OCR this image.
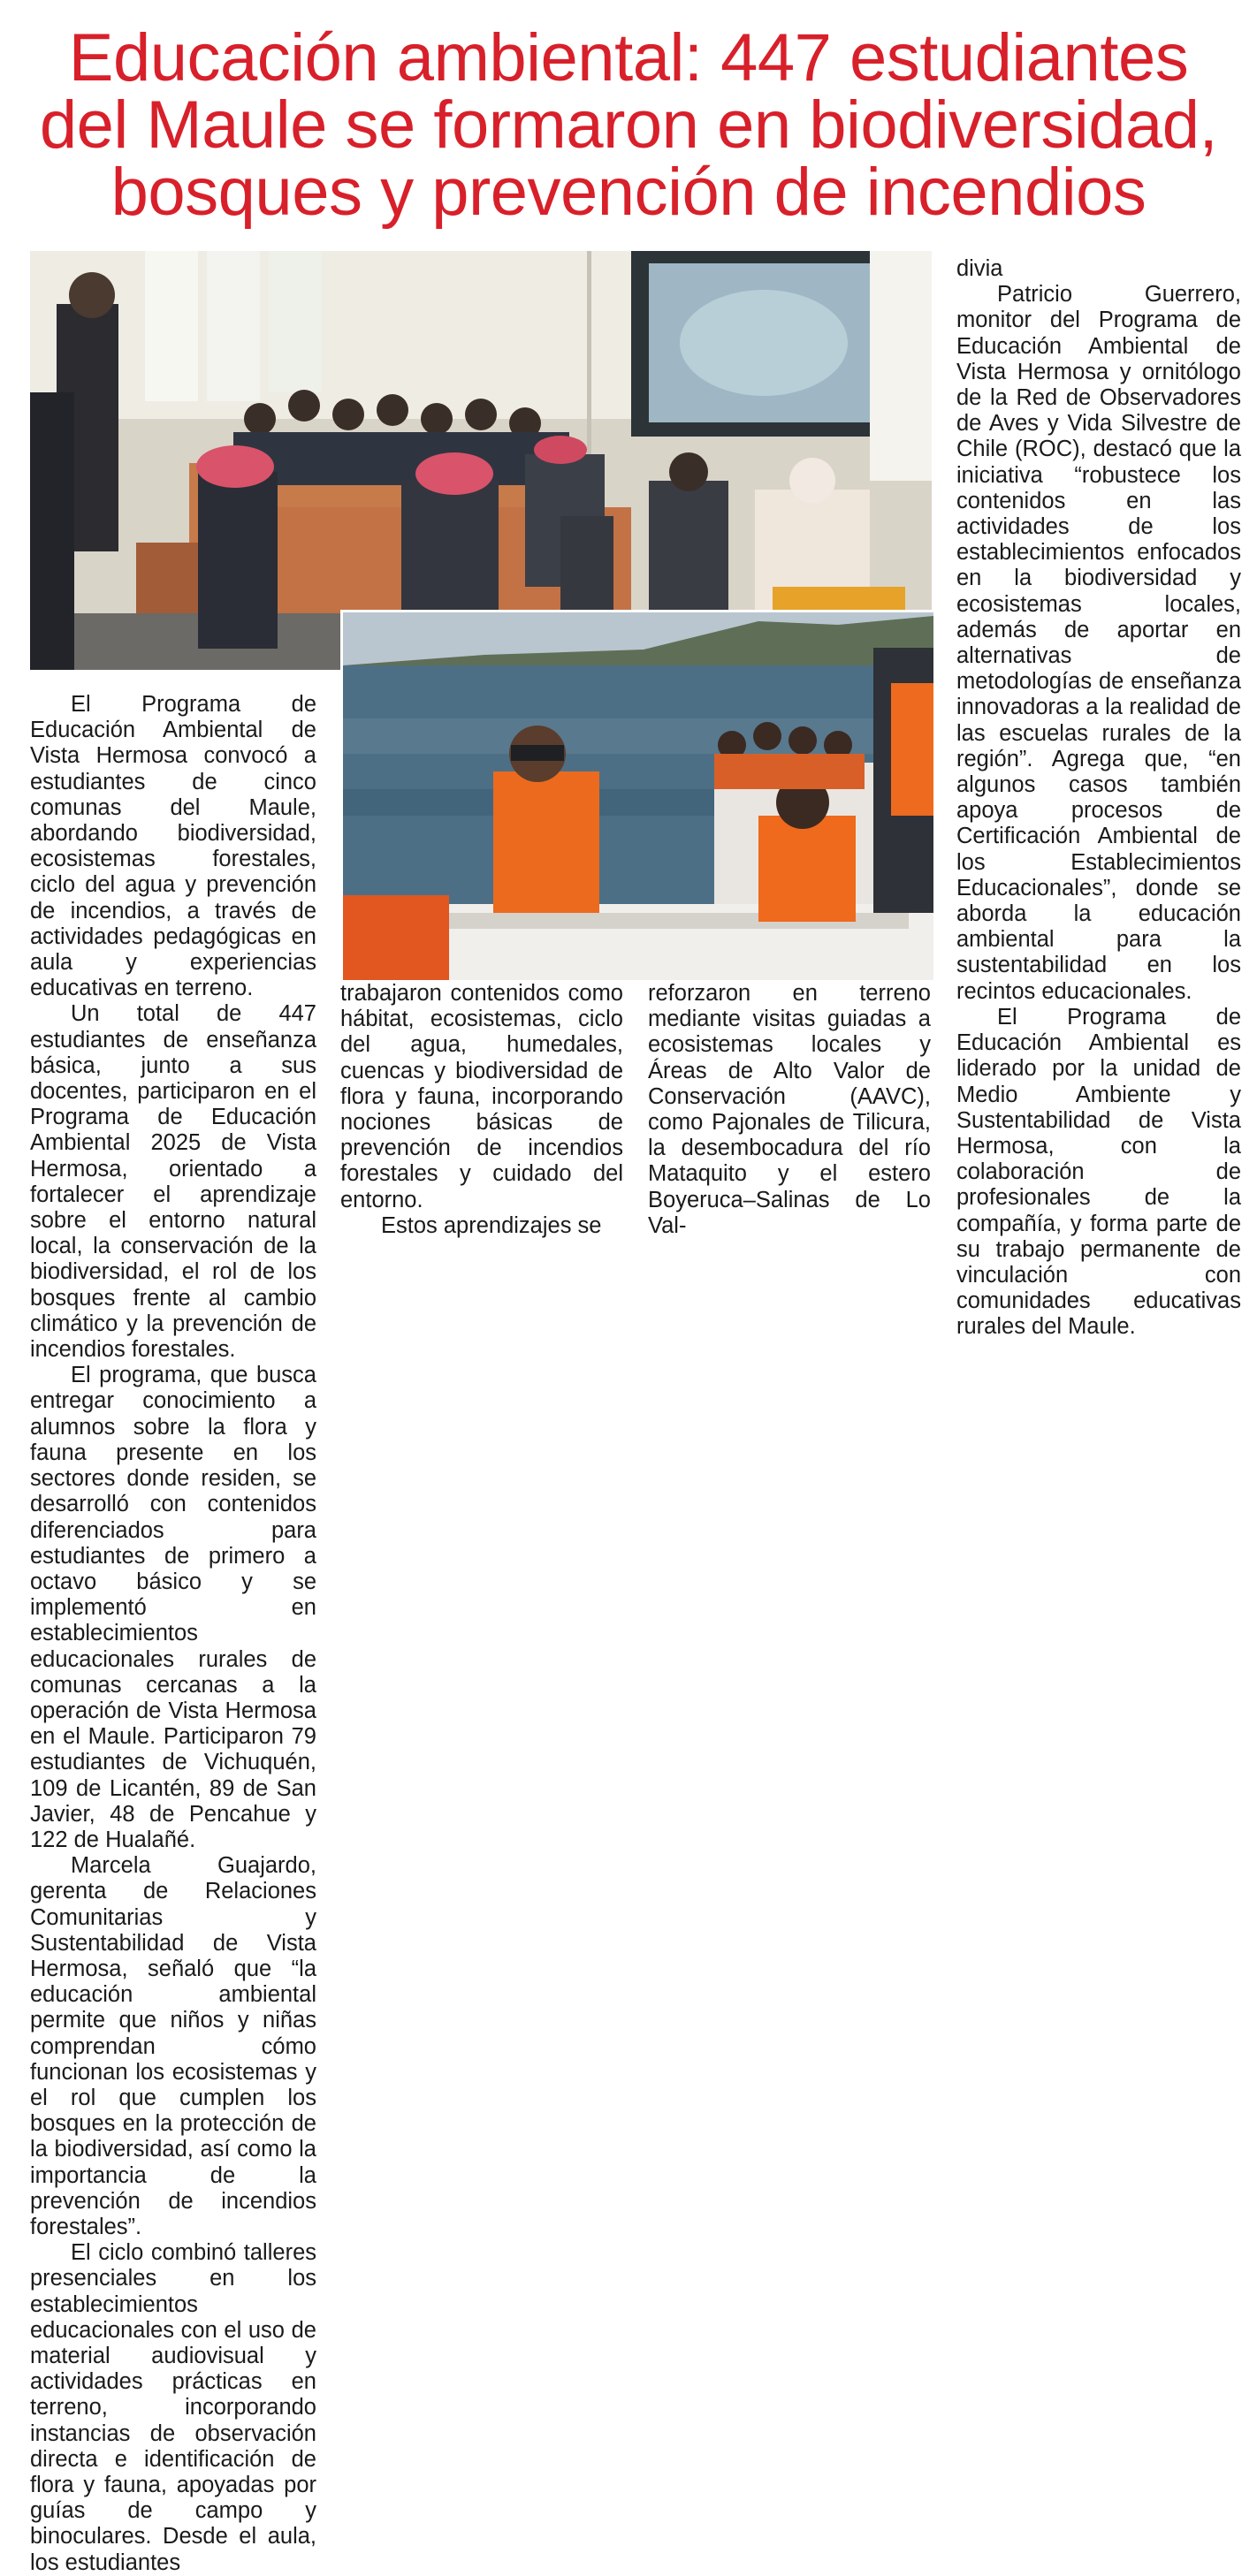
Educación ambiental: 447 estudiantes
del Maule se formaron en biodiversidad,
bosques y prevención de incendios

El Programa de Educación Ambiental de Vista Hermosa convocó a estudiantes de cinco comunas del Maule, abordando biodiversidad, ecosistemas forestales, ciclo del agua y prevención de incendios, a través de actividades pedagógicas en aula y experiencias educativas en terreno.

Un total de 447 estudiantes de enseñanza básica, junto a sus docentes, participaron en el Programa de Educación Ambiental 2025 de Vista Hermosa, orientado a fortalecer el aprendizaje sobre el entorno natural local, la conservación de la biodiversidad, el rol de los bosques frente al cambio climático y la prevención de incendios forestales.

El programa, que busca entregar conocimiento a alumnos sobre la flora y fauna presente en los sectores donde residen, se desarrolló con contenidos diferenciados para estudiantes de primero a octavo básico y se implementó en establecimientos educacionales rurales de comunas cercanas a la operación de Vista Hermosa en el Maule. Participaron 79 estudiantes de Vichuquén, 109 de Licantén, 89 de San Javier, 48 de Pencahue y 122 de Hualañé.

Marcela Guajardo, gerenta de Relaciones Comunitarias y Sustentabilidad de Vista Hermosa, señaló que “la educación ambiental permite que niños y niñas comprendan cómo funcionan los ecosistemas y el rol que cumplen los bosques en la protección de la biodiversidad, así como la importancia de la prevención de incendios forestales”.

El ciclo combinó talleres presenciales en los establecimientos educacionales con el uso de material audiovisual y actividades prácticas en terreno, incorporando instancias de observación directa e identificación de flora y fauna, apoyadas por guías de campo y binoculares. Desde el aula, los estudiantes

trabajaron contenidos como hábitat, ecosistemas, ciclo del agua, humedales, cuencas y biodiversidad de flora y fauna, incorporando nociones básicas de prevención de incendios forestales y cuidado del entorno.

Estos aprendizajes se

reforzaron en terreno mediante visitas guiadas a ecosistemas locales y Áreas de Alto Valor de Conservación (AAVC), como Pajonales de Tilicura, la desembocadura del río Mataquito y el estero Boyeruca–Salinas de Lo Val-

divia

Patricio Guerrero, monitor del Programa de Educación Ambiental de Vista Hermosa y ornitólogo de la Red de Observadores de Aves y Vida Silvestre de Chile (ROC), destacó que la iniciativa “robustece los contenidos en las actividades de los establecimientos enfocados en la biodiversidad y ecosistemas locales, además de aportar en alternativas de metodologías de enseñanza innovadoras a la realidad de las escuelas rurales de la región”. Agrega que, “en algunos casos también apoya procesos de Certificación Ambiental de los Establecimientos Educacionales”, donde se aborda la educación ambiental para la sustentabilidad en los recintos educacionales.

El Programa de Educación Ambiental es liderado por la unidad de Medio Ambiente y Sustentabilidad de Vista Hermosa, con la colaboración de profesionales de la compañía, y forma parte de su trabajo permanente de vinculación con comunidades educativas rurales del Maule.
